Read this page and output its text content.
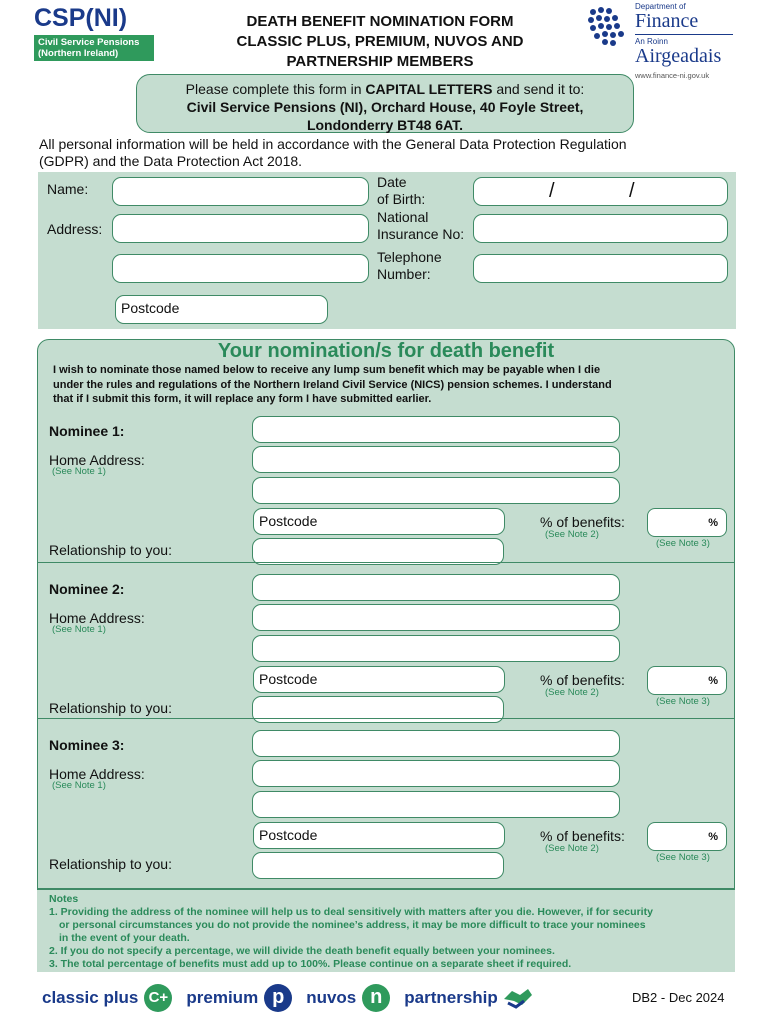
CSP(NI)
Civil Service Pensions
(Northern Ireland)
DEATH BENEFIT NOMINATION FORM
CLASSIC PLUS, PREMIUM, NUVOS AND
PARTNERSHIP MEMBERS
Department of
Finance
An Roinn
Airgeadais
www.finance-ni.gov.uk
Please complete this form in CAPITAL LETTERS and send it to:
Civil Service Pensions (NI), Orchard House, 40 Foyle Street,
Londonderry BT48 6AT.
All personal information will be held in accordance with the General Data Protection Regulation
(GDPR) and the Data Protection Act 2018.
Name:
Address:
Postcode
Date
of Birth:	/	/
National
Insurance No:
Telephone
Number:
Your nomination/s for death benefit
I wish to nominate those named below to receive any lump sum benefit which may be payable when I die
under the rules and regulations of the Northern Ireland Civil Service (NICS) pension schemes. I understand
that if I submit this form, it will replace any form I have submitted earlier.
Nominee 1:
Home Address:
(See Note 1)
Postcode	% of benefits:
(See Note 2)
%
(See Note 3)
Relationship to you:
Nominee 2:
Home Address:
(See Note 1)
Postcode	% of benefits:
(See Note 2)
%
(See Note 3)
Relationship to you:
Nominee 3:
Home Address:
(See Note 1)
Postcode	% of benefits:
(See Note 2)
%
(See Note 3)
Relationship to you:
Notes
1. Providing the address of the nominee will help us to deal sensitively with matters after you die. However, if for security
or personal circumstances you do not provide the nominee’s address, it may be more difficult to trace your nominees
in the event of your death.
2. If you do not specify a percentage, we will divide the death benefit equally between your nominees.
3. The total percentage of benefits must add up to 100%. Please continue on a separate sheet if required.
classic plus C+ premium p	nuvos n	partnership	DB2 - Dec 2024
